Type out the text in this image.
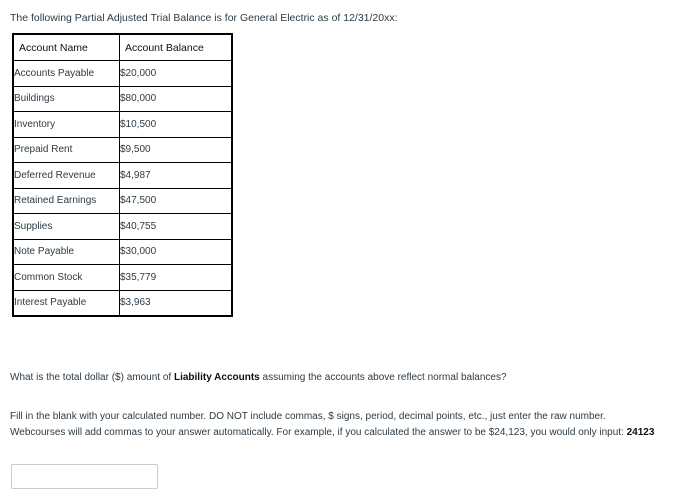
The following Partial Adjusted Trial Balance is for General Electric as of 12/31/20xx:
Account Name	Account Balance
Accounts Payable	$20,000
Buildings	$80,000
Inventory	$10,500
Prepaid Rent	$9,500
Deferred Revenue	$4,987
Retained Earnings	$47,500
Supplies	$40,755
Note Payable	$30,000
Common Stock	$35,779
Interest Payable	$3,963
What is the total dollar ($) amount of Liability Accounts assuming the accounts above reflect normal balances?
Fill in the blank with your calculated number. DO NOT include commas, $ signs, period, decimal points, etc., just enter the raw number.
Webcourses will add commas to your answer automatically. For example, if you calculated the answer to be $24,123, you would only input: 24123
